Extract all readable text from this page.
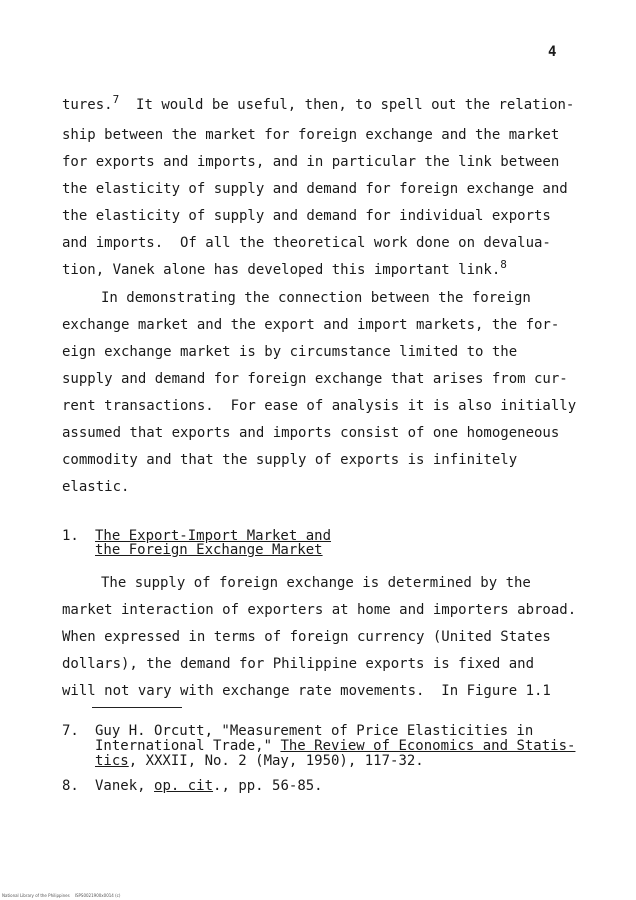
4
tures.$^7$  It would be useful, then, to spell out the relation-
ship between the market for foreign exchange and the market
for exports and imports, and in particular the link between
the elasticity of supply and demand for foreign exchange and
the elasticity of supply and demand for individual exports
and imports.  Of all the theoretical work done on devalua-
tion, Vanek alone has developed this important link.$^8$
In demonstrating the connection between the foreign
exchange market and the export and import markets, the for-
eign exchange market is by circumstance limited to the
supply and demand for foreign exchange that arises from cur-
rent transactions.  For ease of analysis it is also initially
assumed that exports and imports consist of one homogeneous
commodity and that the supply of exports is infinitely
elastic.
1. The Export-Import Market and
the Foreign Exchange Market
The supply of foreign exchange is determined by the
market interaction of exporters at home and importers abroad.
When expressed in terms of foreign currency (United States
dollars), the demand for Philippine exports is fixed and
will not vary with exchange rate movements.  In Figure 1.1
7. Guy H. Orcutt, "Measurement of Price Elasticities in
International Trade," The Review of Economics and Statis-
tics, XXXII, No. 2 (May, 1950), 117-32.
8. Vanek, op. cit., pp. 56-85.
National Library of the Philippines    ISPS0021900x0014 (c)
